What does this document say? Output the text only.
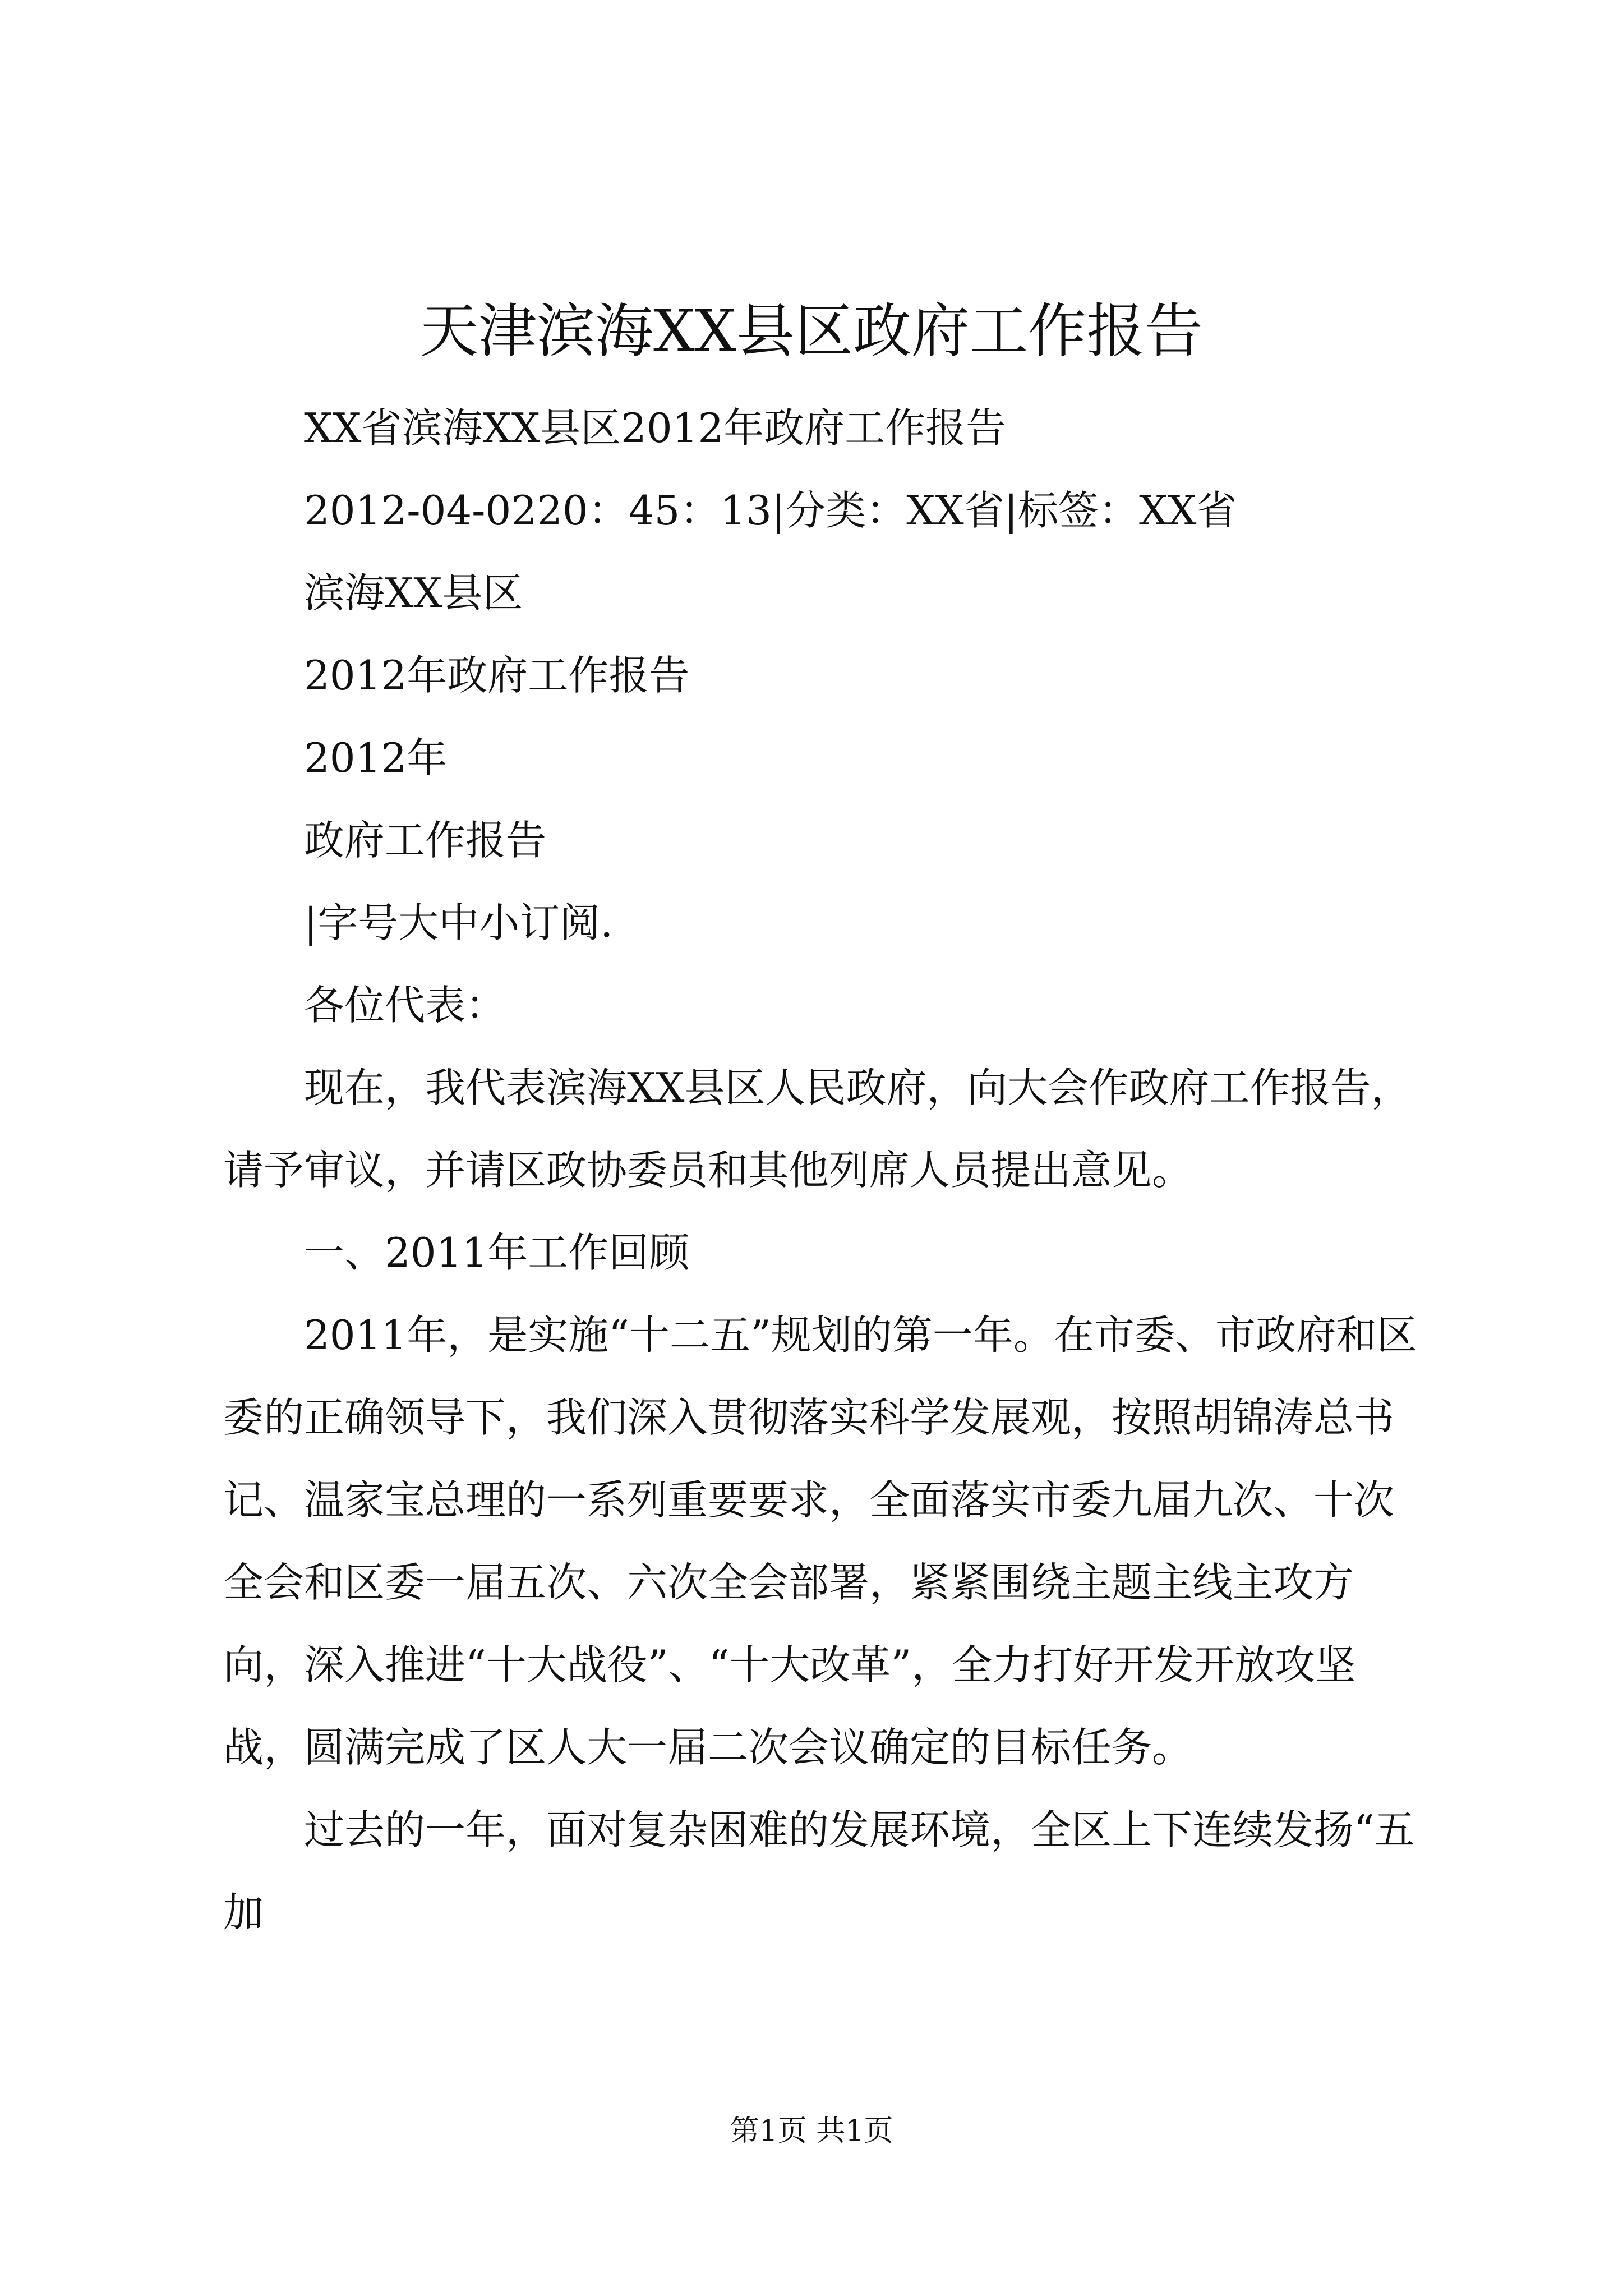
天津滨海XX县区政府工作报告

XX省滨海XX县区2012年政府工作报告

2012-04-0220：45：13|分类：XX省|标签：XX省

滨海XX县区

2012年政府工作报告

2012年

政府工作报告

|字号大中小订阅.

各位代表：

现在，我代表滨海XX县区人民政府，向大会作政府工作报告，请予审议，并请区政协委员和其他列席人员提出意见。

一、2011年工作回顾

2011年，是实施“十二五”规划的第一年。在市委、市政府和区委的正确领导下，我们深入贯彻落实科学发展观，按照胡锦涛总书记、温家宝总理的一系列重要要求，全面落实市委九届九次、十次全会和区委一届五次、六次全会部署，紧紧围绕主题主线主攻方向，深入推进“十大战役”、“十大改革”，全力打好开发开放攻坚战，圆满完成了区人大一届二次会议确定的目标任务。

过去的一年，面对复杂困难的发展环境，全区上下连续发扬“五加

第1页 共1页
